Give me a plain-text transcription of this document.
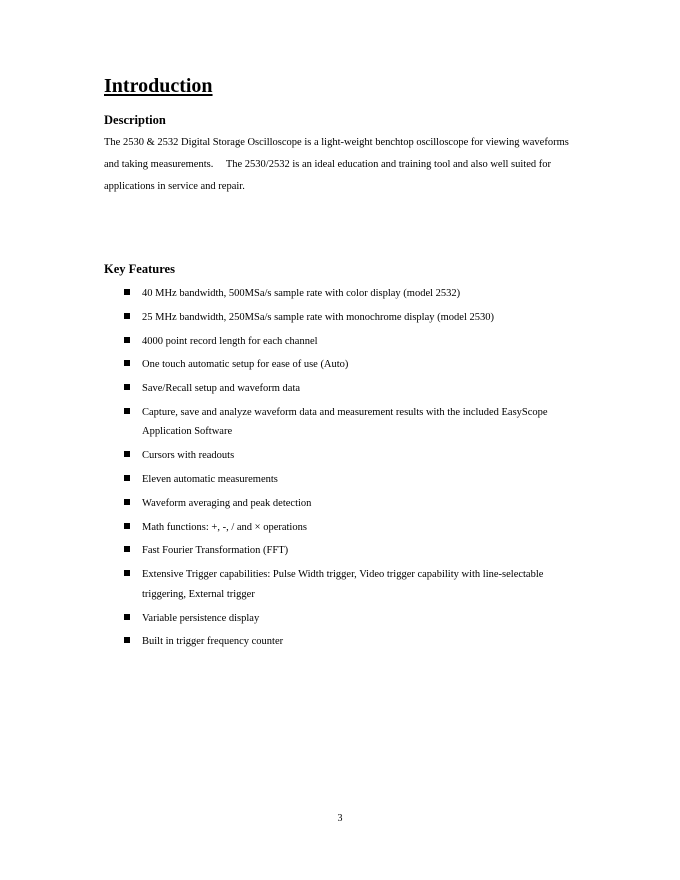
Introduction
Description

The 2530 & 2532 Digital Storage Oscilloscope is a light-weight benchtop oscilloscope for viewing waveforms and taking measurements. The 2530/2532 is an ideal education and training tool and also well suited for applications in service and repair.

Key Features
40 MHz bandwidth, 500MSa/s sample rate with color display (model 2532)
25 MHz bandwidth, 250MSa/s sample rate with monochrome display (model 2530)
4000 point record length for each channel
One touch automatic setup for ease of use (Auto)
Save/Recall setup and waveform data
Capture, save and analyze waveform data and measurement results with the included EasyScope Application Software
Cursors with readouts
Eleven automatic measurements
Waveform averaging and peak detection
Math functions: +, -, / and × operations
Fast Fourier Transformation (FFT)
Extensive Trigger capabilities: Pulse Width trigger, Video trigger capability with line-selectable triggering, External trigger
Variable persistence display
Built in trigger frequency counter
3
